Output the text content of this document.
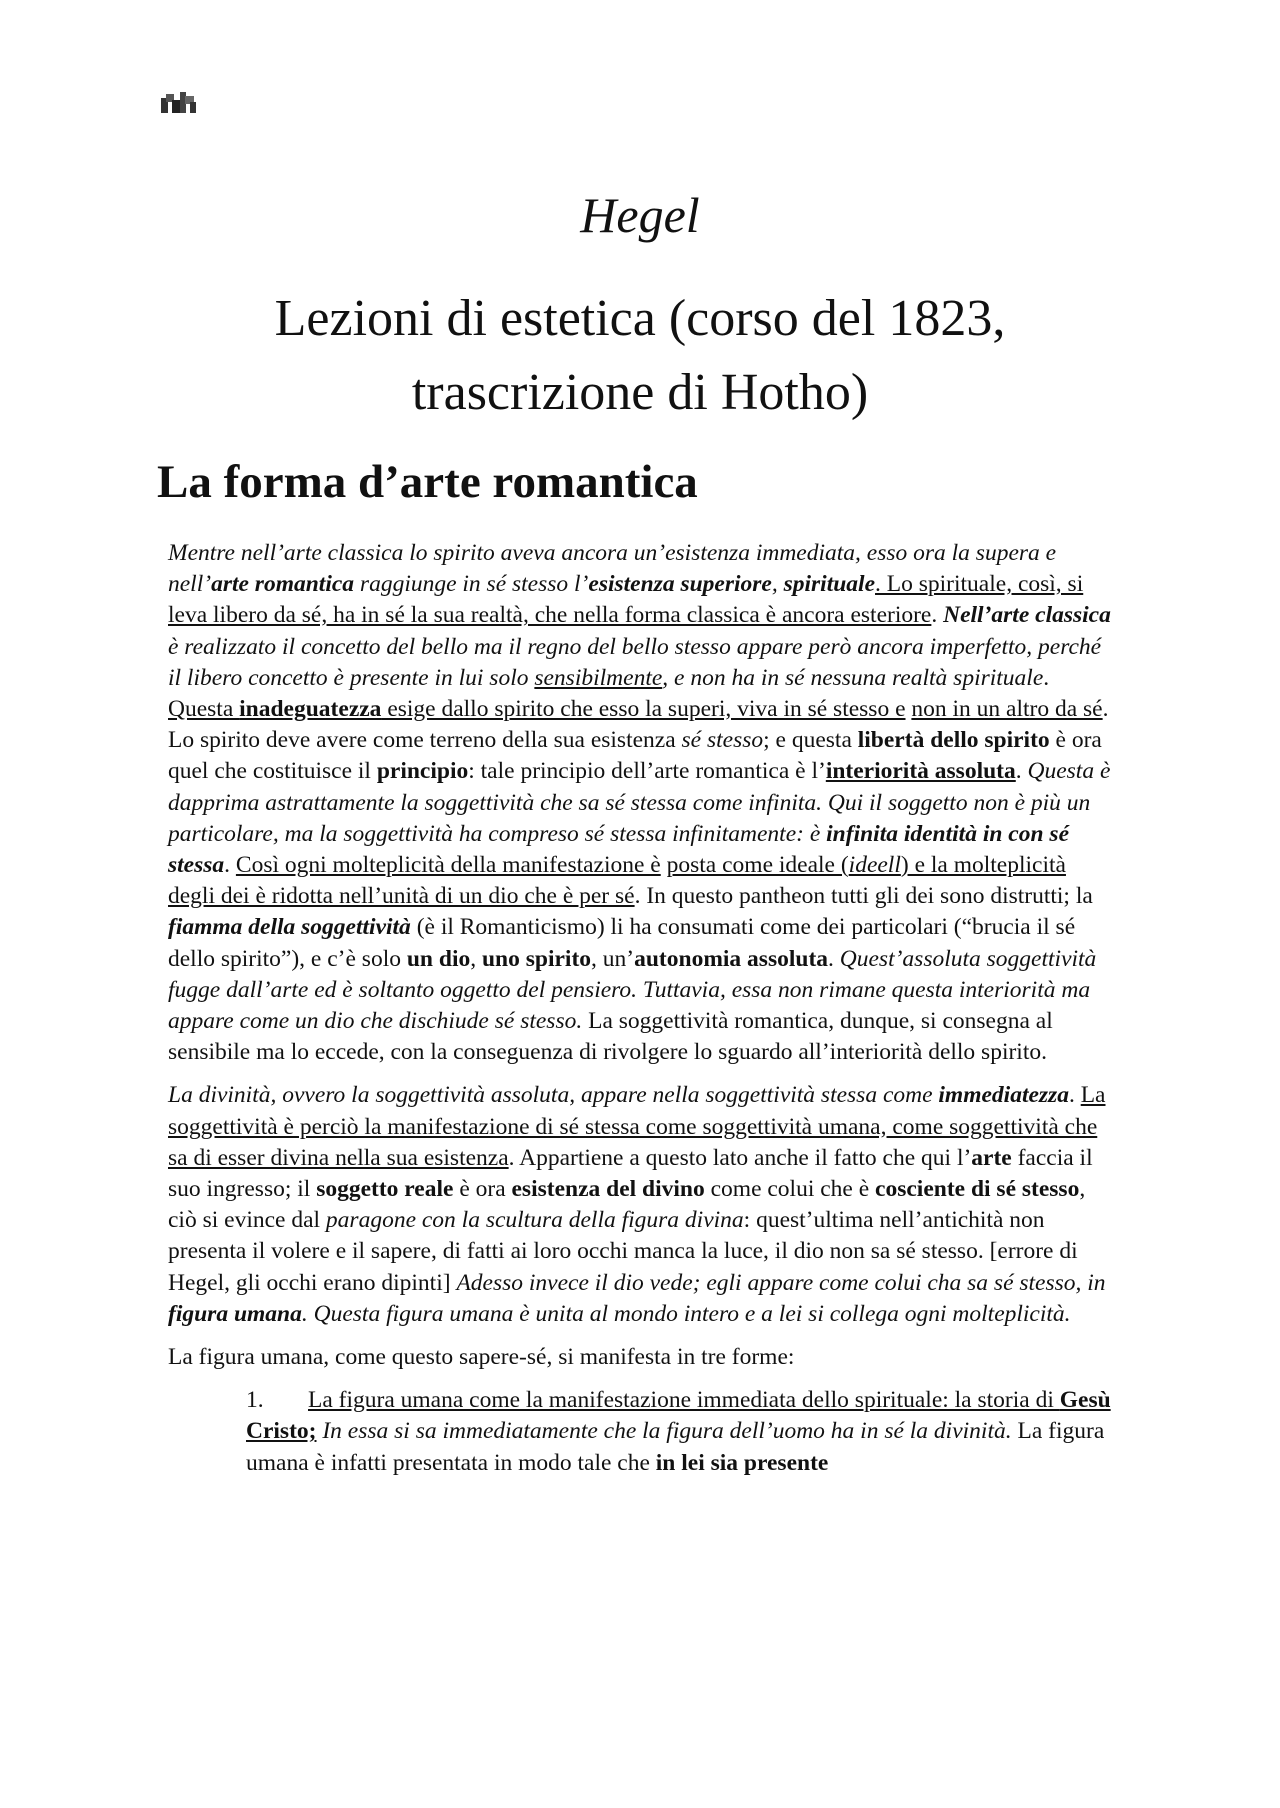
Hegel
Lezioni di estetica (corso del 1823, trascrizione di Hotho)
La forma d’arte romantica

Mentre nell’arte classica lo spirito aveva ancora un’esistenza immediata, esso ora la supera e nell’arte romantica raggiunge in sé stesso l’esistenza superiore, spirituale. Lo spirituale, così, si leva libero da sé, ha in sé la sua realtà, che nella forma classica è ancora esteriore. Nell’arte classica è realizzato il concetto del bello ma il regno del bello stesso appare però ancora imperfetto, perché il libero concetto è presente in lui solo sensibilmente, e non ha in sé nessuna realtà spirituale. Questa inadeguatezza esige dallo spirito che esso la superi, viva in sé stesso e non in un altro da sé. Lo spirito deve avere come terreno della sua esistenza sé stesso; e questa libertà dello spirito è ora quel che costituisce il principio: tale principio dell’arte romantica è l’interiorità assoluta. Questa è dapprima astrattamente la soggettività che sa sé stessa come infinita. Qui il soggetto non è più un particolare, ma la soggettività ha compreso sé stessa infinitamente: è infinita identità in con sé stessa. Così ogni molteplicità della manifestazione è posta come ideale (ideell) e la molteplicità degli dei è ridotta nell’unità di un dio che è per sé. In questo pantheon tutti gli dei sono distrutti; la fiamma della soggettività (è il Romanticismo) li ha consumati come dei particolari (“brucia il sé dello spirito”), e c’è solo un dio, uno spirito, un’autonomia assoluta. Quest’assoluta soggettività fugge dall’arte ed è soltanto oggetto del pensiero. Tuttavia, essa non rimane questa interiorità ma appare come un dio che dischiude sé stesso. La soggettività romantica, dunque, si consegna al sensibile ma lo eccede, con la conseguenza di rivolgere lo sguardo all’interiorità dello spirito.

La divinità, ovvero la soggettività assoluta, appare nella soggettività stessa come immediatezza. La soggettività è perciò la manifestazione di sé stessa come soggettività umana, come soggettività che sa di esser divina nella sua esistenza. Appartiene a questo lato anche il fatto che qui l’arte faccia il suo ingresso; il soggetto reale è ora esistenza del divino come colui che è cosciente di sé stesso, ciò si evince dal paragone con la scultura della figura divina: quest’ultima nell’antichità non presenta il volere e il sapere, di fatti ai loro occhi manca la luce, il dio non sa sé stesso. [errore di Hegel, gli occhi erano dipinti] Adesso invece il dio vede; egli appare come colui cha sa sé stesso, in figura umana. Questa figura umana è unita al mondo intero e a lei si collega ogni molteplicità.

La figura umana, come questo sapere-sé, si manifesta in tre forme:

1. La figura umana come la manifestazione immediata dello spirituale: la storia di Gesù Cristo; In essa si sa immediatamente che la figura dell’uomo ha in sé la divinità. La figura umana è infatti presentata in modo tale che in lei sia presente
